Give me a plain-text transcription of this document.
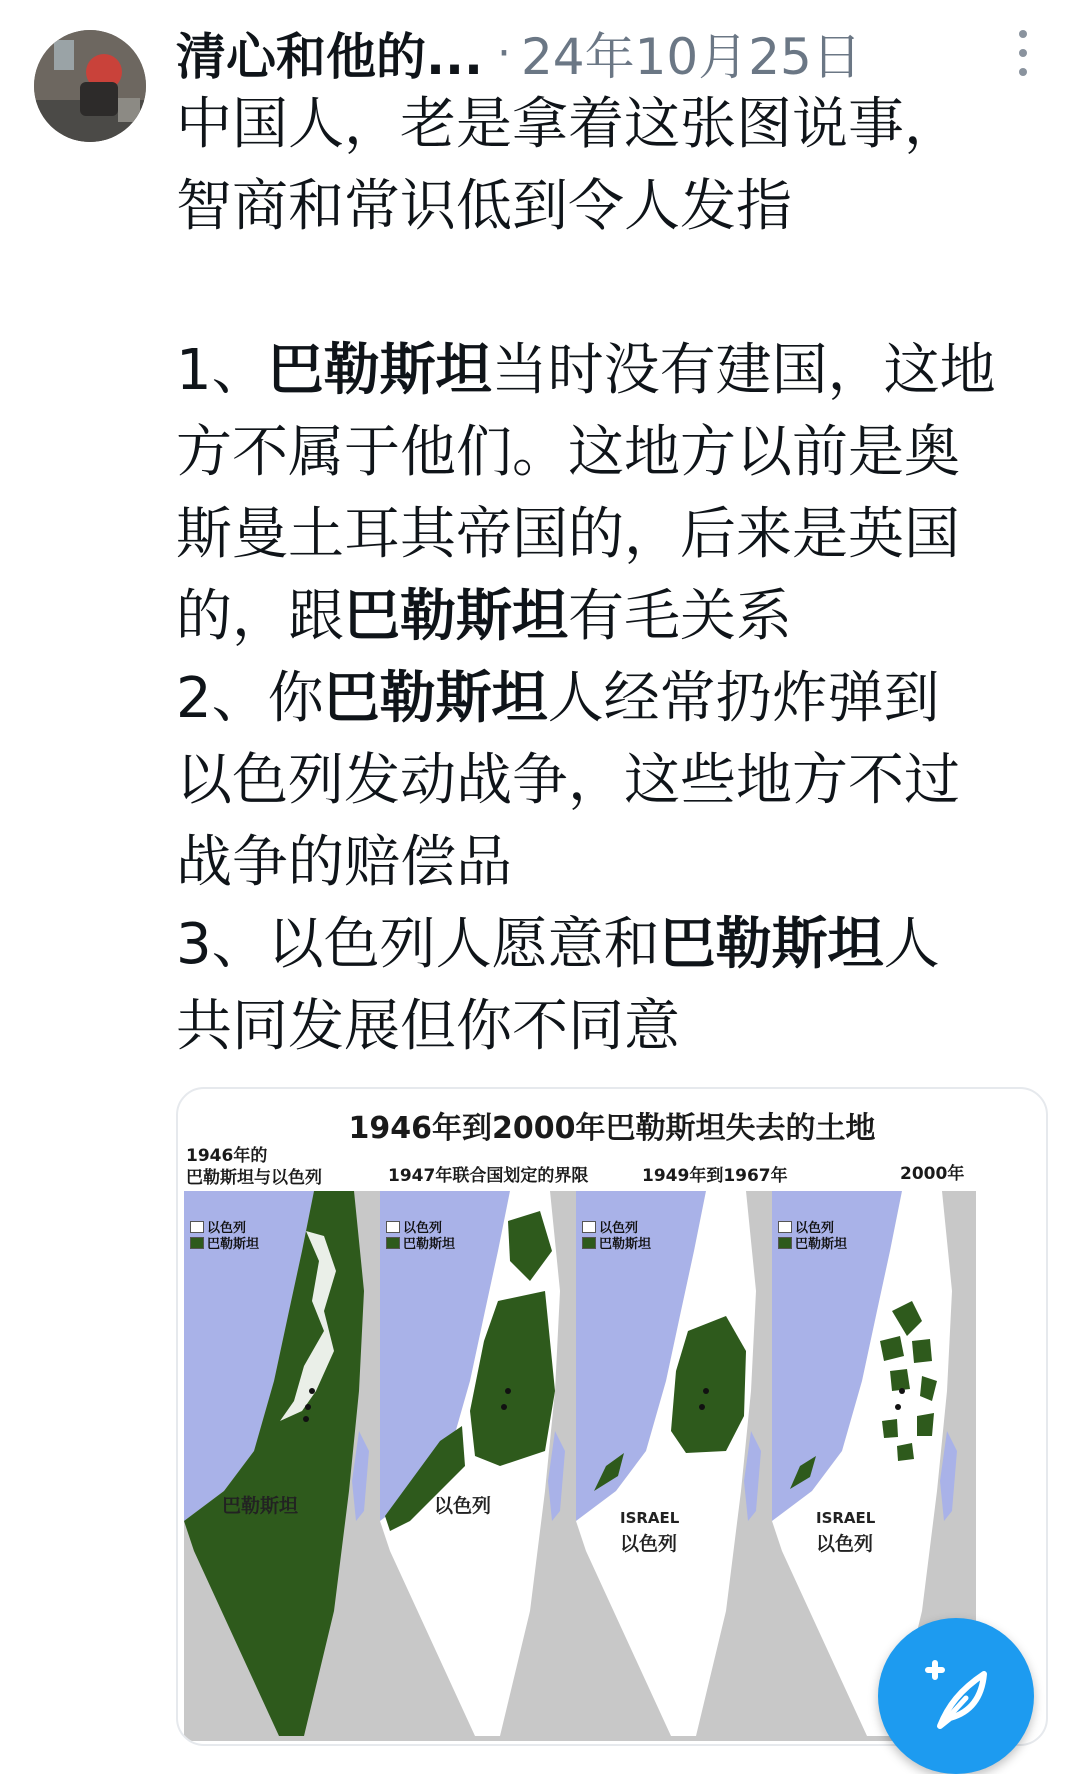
清心和他的... · 24年10月25日
中国人，老是拿着这张图说事，
智商和常识低到令人发指

1、巴勒斯坦当时没有建国，这地
方不属于他们。这地方以前是奥
斯曼土耳其帝国的，后来是英国
的，跟巴勒斯坦有毛关系
2、你巴勒斯坦人经常扔炸弹到
以色列发动战争，这些地方不过
战争的赔偿品
3、以色列人愿意和巴勒斯坦人
共同发展但你不同意
1946年到2000年巴勒斯坦失去的土地
1946年的
巴勒斯坦与以色列	1947年联合国划定的界限	1949年到1967年	2000年
以色列
巴勒斯坦
巴勒斯坦
以色列
巴勒斯坦
以色列
以色列
巴勒斯坦
ISRAEL
以色列
以色列
巴勒斯坦
ISRAEL
以色列
